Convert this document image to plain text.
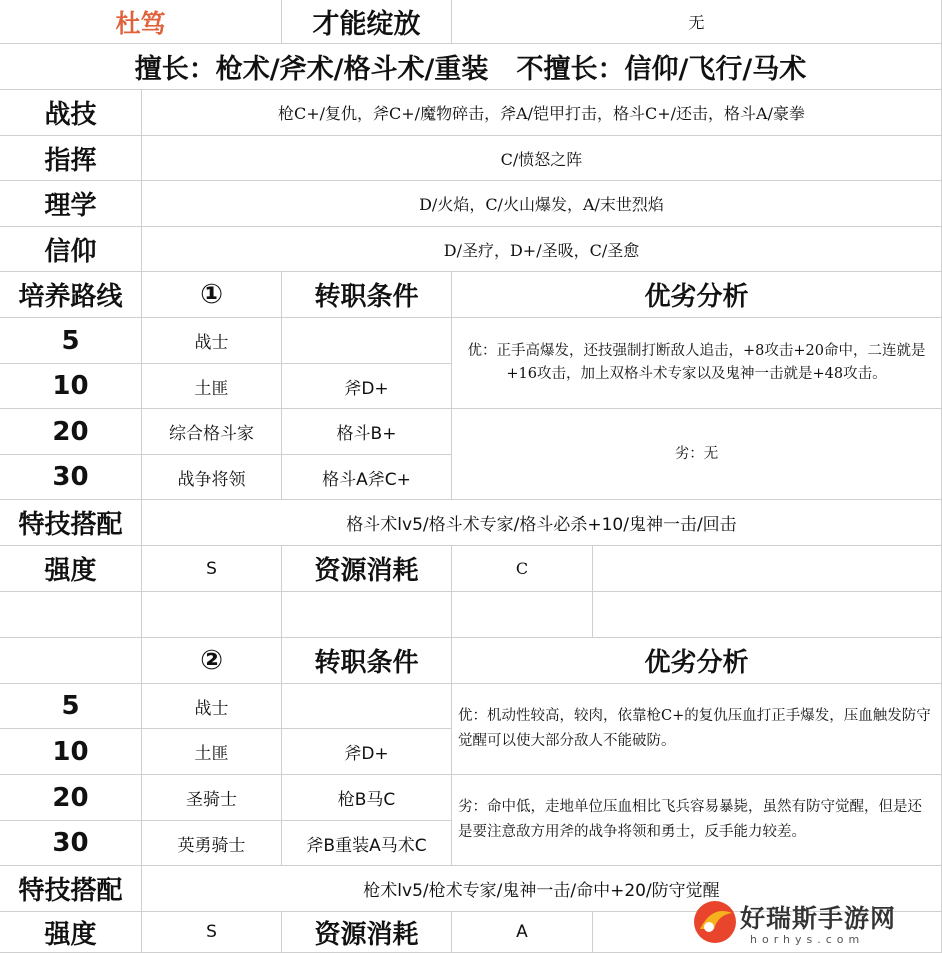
杜笃	才能绽放	无
擅长：枪术/斧术/格斗术/重装   不擅长：信仰/飞行/马术
战技	枪C+/复仇，斧C+/魔物碎击，斧A/铠甲打击，格斗C+/还击，格斗A/豪拳
指挥	C/愤怒之阵
理学	D/火焰，C/火山爆发，A/末世烈焰
信仰	D/圣疗，D+/圣吸，C/圣愈
培养路线	①	转职条件	优劣分析
5	战士
10	土匪	斧D+
优：正手高爆发，还技强制打断敌人追击，+8攻击+20命中，二连就是+16攻击，加上双格斗术专家以及鬼神一击就是+48攻击。
20	综合格斗家	格斗B+
30	战争将领	格斗A斧C+
劣：无
特技搭配	格斗术lv5/格斗术专家/格斗必杀+10/鬼神一击/回击
强度	S	资源消耗	C
②	转职条件	优劣分析
5	战士
10	土匪	斧D+
优：机动性较高，较肉，依靠枪C+的复仇压血打正手爆发，压血触发防守觉醒可以使大部分敌人不能破防。
20	圣骑士	枪B马C
30	英勇骑士	斧B重装A马术C
劣：命中低，走地单位压血相比飞兵容易暴毙，虽然有防守觉醒，但是还是要注意敌方用斧的战争将领和勇士，反手能力较差。
特技搭配	枪术lv5/枪术专家/鬼神一击/命中+20/防守觉醒
强度	S	资源消耗	A	好瑞斯手游网
horhys.com
